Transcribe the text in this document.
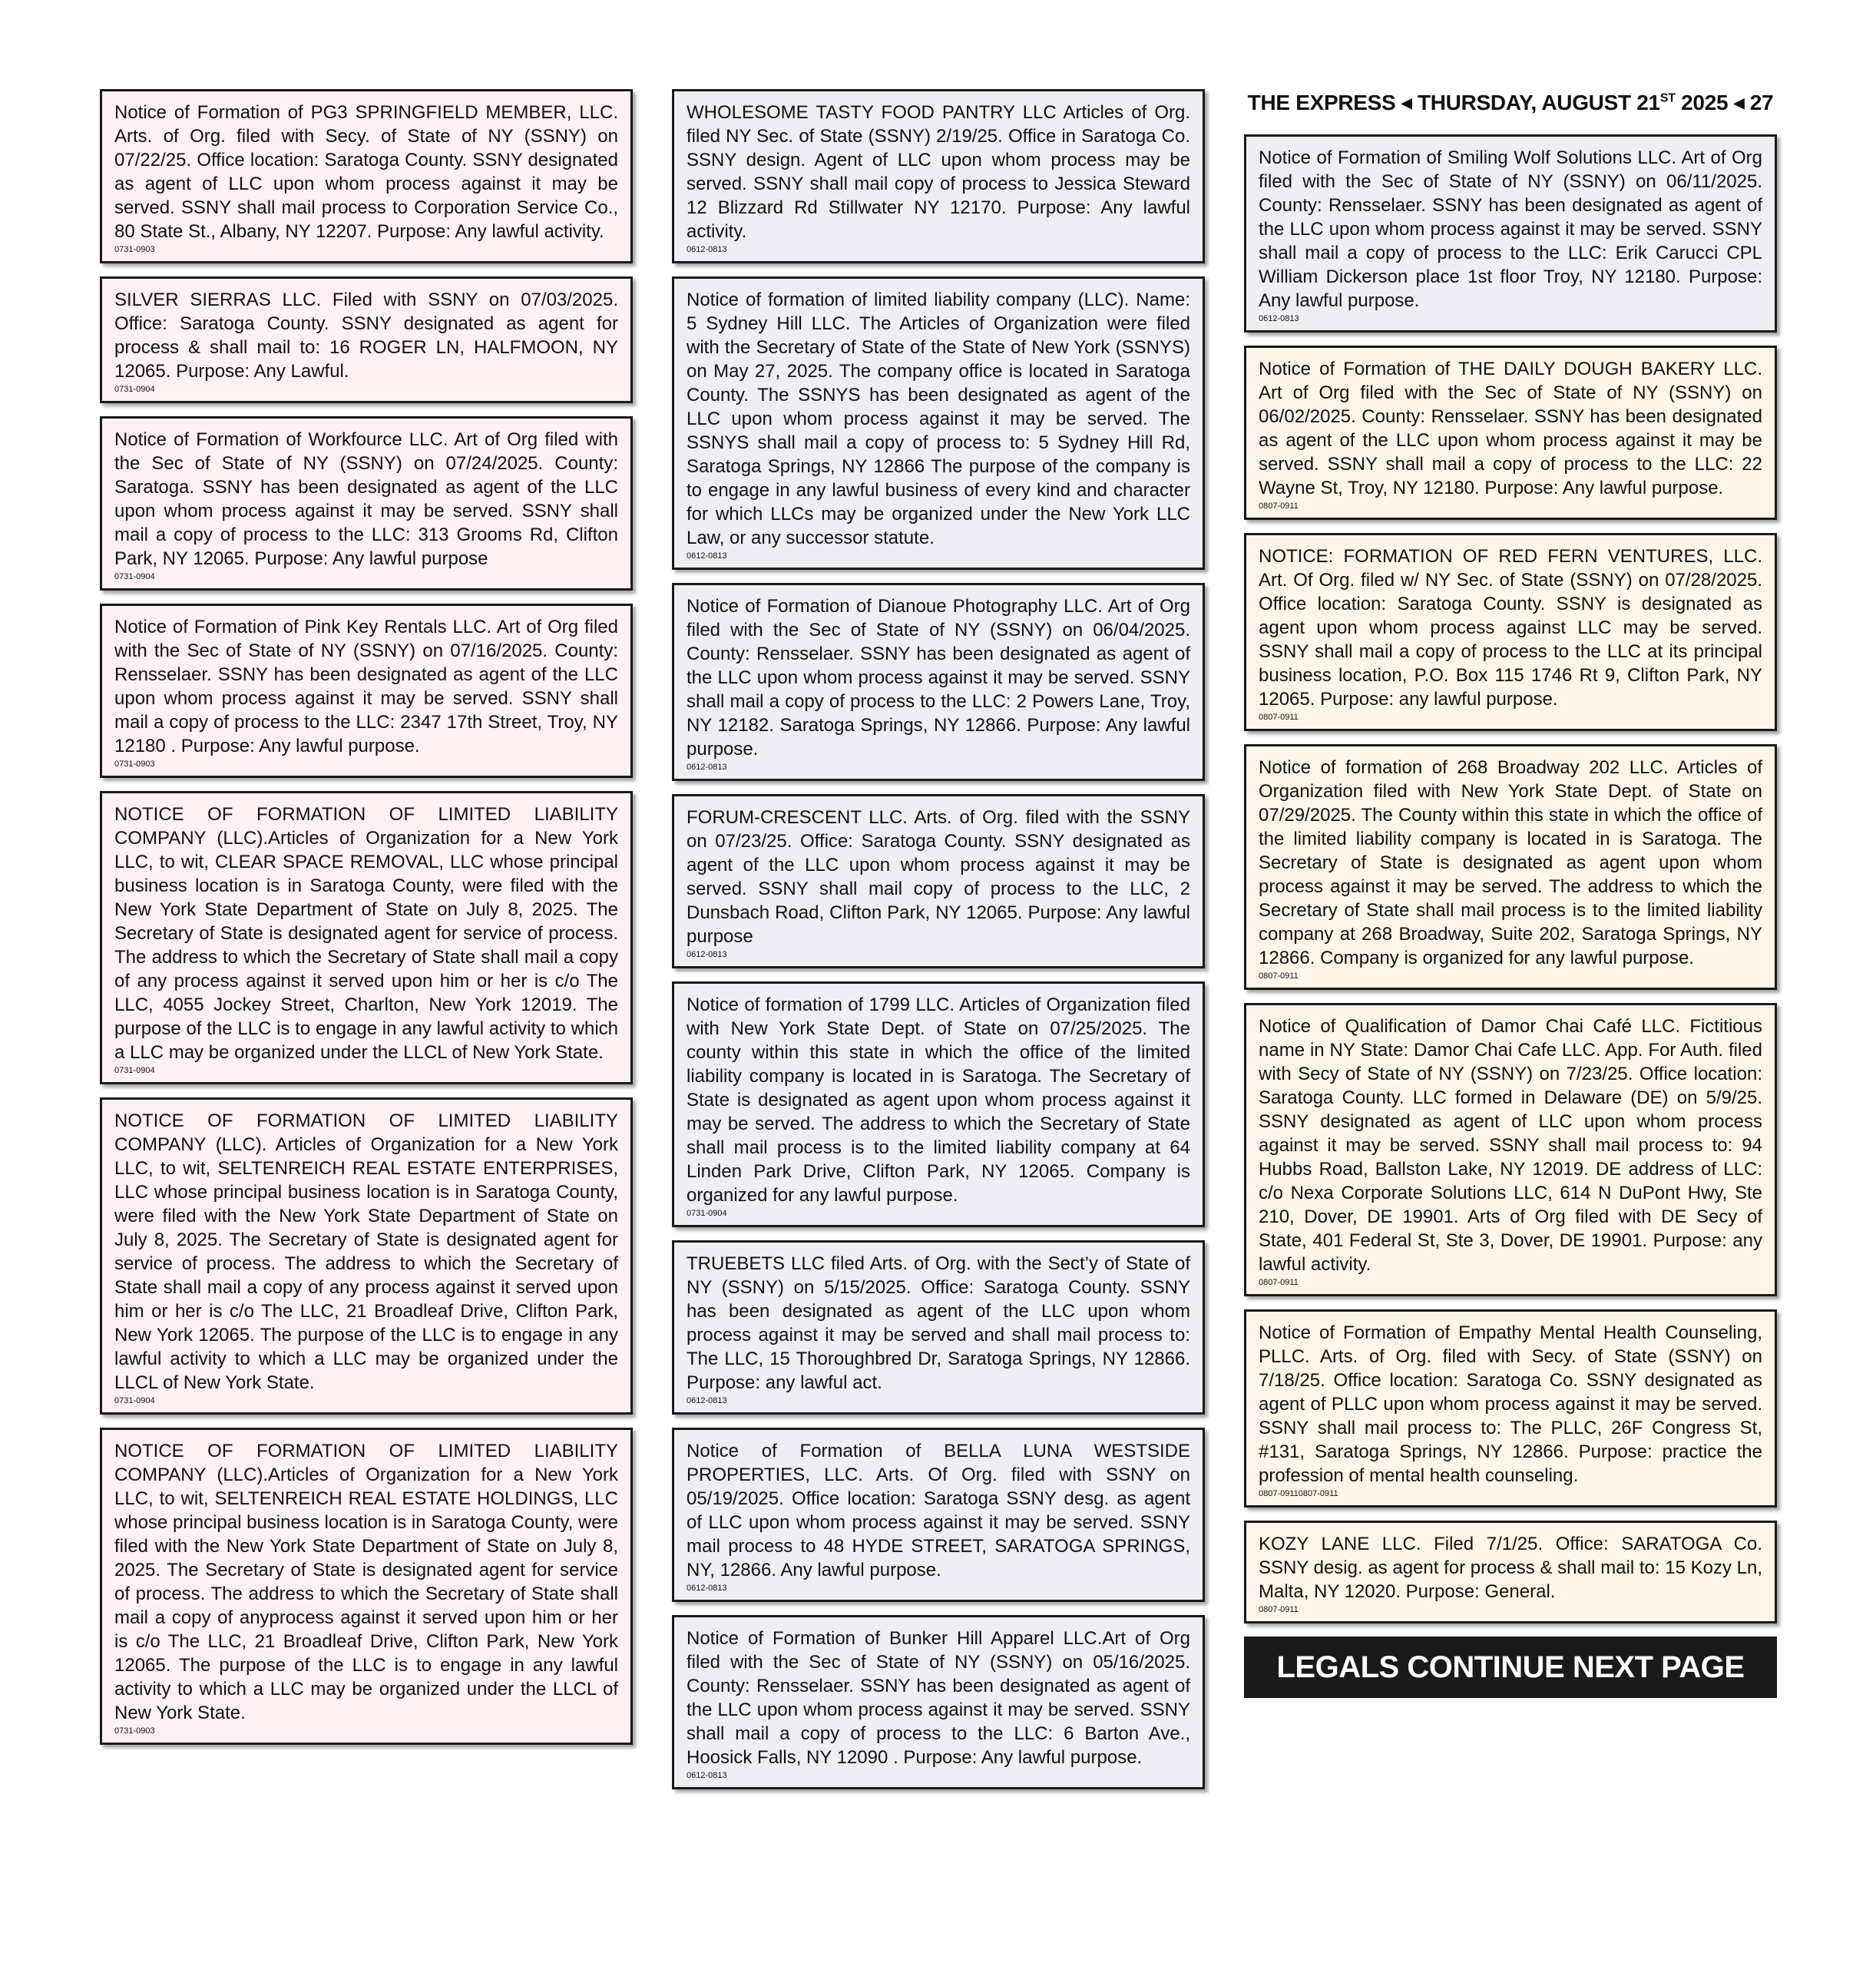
THE EXPRESS ◀ THURSDAY, AUGUST 21ST 2025 ◀ 27

Notice of Formation of PG3 SPRINGFIELD MEMBER, LLC. Arts. of Org. filed with Secy. of State of NY (SSNY) on 07/22/25. Office location: Saratoga County. SSNY designated as agent of LLC upon whom process against it may be served. SSNY shall mail process to Corporation Service Co., 80 State St., Albany, NY 12207. Purpose: Any lawful activity.

0731-0903

SILVER SIERRAS LLC. Filed with SSNY on 07/03/2025. Office: Saratoga County. SSNY designated as agent for process & shall mail to: 16 ROGER LN, HALFMOON, NY 12065. Purpose: Any Lawful.

0731-0904

Notice of Formation of Workfource LLC. Art of Org filed with the Sec of State of NY (SSNY) on 07/24/2025. County: Saratoga. SSNY has been designated as agent of the LLC upon whom process against it may be served. SSNY shall mail a copy of process to the LLC: 313 Grooms Rd, Clifton Park, NY 12065. Purpose: Any lawful purpose

0731-0904

Notice of Formation of Pink Key Rentals LLC. Art of Org filed with the Sec of State of NY (SSNY) on 07/16/2025. County: Rensselaer. SSNY has been designated as agent of the LLC upon whom process against it may be served. SSNY shall mail a copy of process to the LLC: 2347 17th Street, Troy, NY 12180 . Purpose: Any lawful purpose.

0731-0903

NOTICE OF FORMATION OF LIMITED LIABILITY COMPANY (LLC).Articles of Organization for a New York LLC, to wit, CLEAR SPACE REMOVAL, LLC whose principal business location is in Saratoga County, were filed with the New York State Department of State on July 8, 2025. The Secretary of State is designated agent for service of process. The address to which the Secretary of State shall mail a copy of any process against it served upon him or her is c/o The LLC, 4055 Jockey Street, Charlton, New York 12019. The purpose of the LLC is to engage in any lawful activity to which a LLC may be organized under the LLCL of New York State.

0731-0904

NOTICE OF FORMATION OF LIMITED LIABILITY COMPANY (LLC). Articles of Organization for a New York LLC, to wit, SELTENREICH REAL ESTATE ENTERPRISES, LLC whose principal business location is in Saratoga County, were filed with the New York State Department of State on July 8, 2025. The Secretary of State is designated agent for service of process. The address to which the Secretary of State shall mail a copy of any process against it served upon him or her is c/o The LLC, 21 Broadleaf Drive, Clifton Park, New York 12065. The purpose of the LLC is to engage in any lawful activity to which a LLC may be organized under the LLCL of New York State.

0731-0904

NOTICE OF FORMATION OF LIMITED LIABILITY COMPANY (LLC).Articles of Organization for a New York LLC, to wit, SELTENREICH REAL ESTATE HOLDINGS, LLC whose principal business location is in Saratoga County, were filed with the New York State Department of State on July 8, 2025. The Secretary of State is designated agent for service of process. The address to which the Secretary of State shall mail a copy of anyprocess against it served upon him or her is c/o The LLC, 21 Broadleaf Drive, Clifton Park, New York 12065. The purpose of the LLC is to engage in any lawful activity to which a LLC may be organized under the LLCL of New York State.

0731-0903

WHOLESOME TASTY FOOD PANTRY LLC Articles of Org. filed NY Sec. of State (SSNY) 2/19/25. Office in Saratoga Co. SSNY design. Agent of LLC upon whom process may be served. SSNY shall mail copy of process to Jessica Steward 12 Blizzard Rd Stillwater NY 12170. Purpose: Any lawful activity.

0612-0813

Notice of formation of limited liability company (LLC). Name: 5 Sydney Hill LLC. The Articles of Organization were filed with the Secretary of State of the State of New York (SSNYS) on May 27, 2025. The company office is located in Saratoga County. The SSNYS has been designated as agent of the LLC upon whom process against it may be served. The SSNYS shall mail a copy of process to: 5 Sydney Hill Rd, Saratoga Springs, NY 12866 The purpose of the company is to engage in any lawful business of every kind and character for which LLCs may be organized under the New York LLC Law, or any successor statute.

0612-0813

Notice of Formation of Dianoue Photography LLC. Art of Org filed with the Sec of State of NY (SSNY) on 06/04/2025. County: Rensselaer. SSNY has been designated as agent of the LLC upon whom process against it may be served. SSNY shall mail a copy of process to the LLC: 2 Powers Lane, Troy, NY 12182. Saratoga Springs, NY 12866. Purpose: Any lawful purpose.

0612-0813

FORUM-CRESCENT LLC. Arts. of Org. filed with the SSNY on 07/23/25. Office: Saratoga County. SSNY designated as agent of the LLC upon whom process against it may be served. SSNY shall mail copy of process to the LLC, 2 Dunsbach Road, Clifton Park, NY 12065. Purpose: Any lawful purpose

0612-0813

Notice of formation of 1799 LLC. Articles of Organization filed with New York State Dept. of State on 07/25/2025. The county within this state in which the office of the limited liability company is located in is Saratoga. The Secretary of State is designated as agent upon whom process against it may be served. The address to which the Secretary of State shall mail process is to the limited liability company at 64 Linden Park Drive, Clifton Park, NY 12065. Company is organized for any lawful purpose.

0731-0904

TRUEBETS LLC filed Arts. of Org. with the Sect’y of State of NY (SSNY) on 5/15/2025. Office: Saratoga County. SSNY has been designated as agent of the LLC upon whom process against it may be served and shall mail process to: The LLC, 15 Thoroughbred Dr, Saratoga Springs, NY 12866. Purpose: any lawful act.

0612-0813

Notice of Formation of BELLA LUNA WESTSIDE PROPERTIES, LLC. Arts. Of Org. filed with SSNY on 05/19/2025. Office location: Saratoga SSNY desg. as agent of LLC upon whom process against it may be served. SSNY mail process to 48 HYDE STREET, SARATOGA SPRINGS, NY, 12866. Any lawful purpose.

0612-0813

Notice of Formation of Bunker Hill Apparel LLC.Art of Org filed with the Sec of State of NY (SSNY) on 05/16/2025. County: Rensselaer. SSNY has been designated as agent of the LLC upon whom process against it may be served. SSNY shall mail a copy of process to the LLC: 6 Barton Ave., Hoosick Falls, NY 12090 . Purpose: Any lawful purpose.

0612-0813

Notice of Formation of Smiling Wolf Solutions LLC. Art of Org filed with the Sec of State of NY (SSNY) on 06/11/2025. County: Rensselaer. SSNY has been designated as agent of the LLC upon whom process against it may be served. SSNY shall mail a copy of process to the LLC: Erik Carucci CPL William Dickerson place 1st floor Troy, NY 12180. Purpose: Any lawful purpose.

0612-0813

Notice of Formation of THE DAILY DOUGH BAKERY LLC. Art of Org filed with the Sec of State of NY (SSNY) on 06/02/2025. County: Rensselaer. SSNY has been designated as agent of the LLC upon whom process against it may be served. SSNY shall mail a copy of process to the LLC: 22 Wayne St, Troy, NY 12180. Purpose: Any lawful purpose.

0807-0911

NOTICE: FORMATION OF RED FERN VENTURES, LLC. Art. Of Org. filed w/ NY Sec. of State (SSNY) on 07/28/2025. Office location: Saratoga County. SSNY is designated as agent upon whom process against LLC may be served. SSNY shall mail a copy of process to the LLC at its principal business location, P.O. Box 115 1746 Rt 9, Clifton Park, NY 12065. Purpose: any lawful purpose.

0807-0911

Notice of formation of 268 Broadway 202 LLC. Articles of Organization filed with New York State Dept. of State on 07/29/2025. The County within this state in which the office of the limited liability company is located in is Saratoga. The Secretary of State is designated as agent upon whom process against it may be served. The address to which the Secretary of State shall mail process is to the limited liability company at 268 Broadway, Suite 202, Saratoga Springs, NY 12866. Company is organized for any lawful purpose.

0807-0911

Notice of Qualification of Damor Chai Café LLC. Fictitious name in NY State: Damor Chai Cafe LLC. App. For Auth. filed with Secy of State of NY (SSNY) on 7/23/25. Office location: Saratoga County. LLC formed in Delaware (DE) on 5/9/25. SSNY designated as agent of LLC upon whom process against it may be served. SSNY shall mail process to: 94 Hubbs Road, Ballston Lake, NY 12019. DE address of LLC: c/o Nexa Corporate Solutions LLC, 614 N DuPont Hwy, Ste 210, Dover, DE 19901. Arts of Org filed with DE Secy of State, 401 Federal St, Ste 3, Dover, DE 19901. Purpose: any lawful activity.

0807-0911

Notice of Formation of Empathy Mental Health Counseling, PLLC. Arts. of Org. filed with Secy. of State (SSNY) on 7/18/25. Office location: Saratoga Co. SSNY designated as agent of PLLC upon whom process against it may be served. SSNY shall mail process to: The PLLC, 26F Congress St, #131, Saratoga Springs, NY 12866. Purpose: practice the profession of mental health counseling.

0807-09110807-0911

KOZY LANE LLC. Filed 7/1/25. Office: SARATOGA Co. SSNY desig. as agent for process & shall mail to: 15 Kozy Ln, Malta, NY 12020. Purpose: General.

0807-0911
LEGALS CONTINUE NEXT PAGE
